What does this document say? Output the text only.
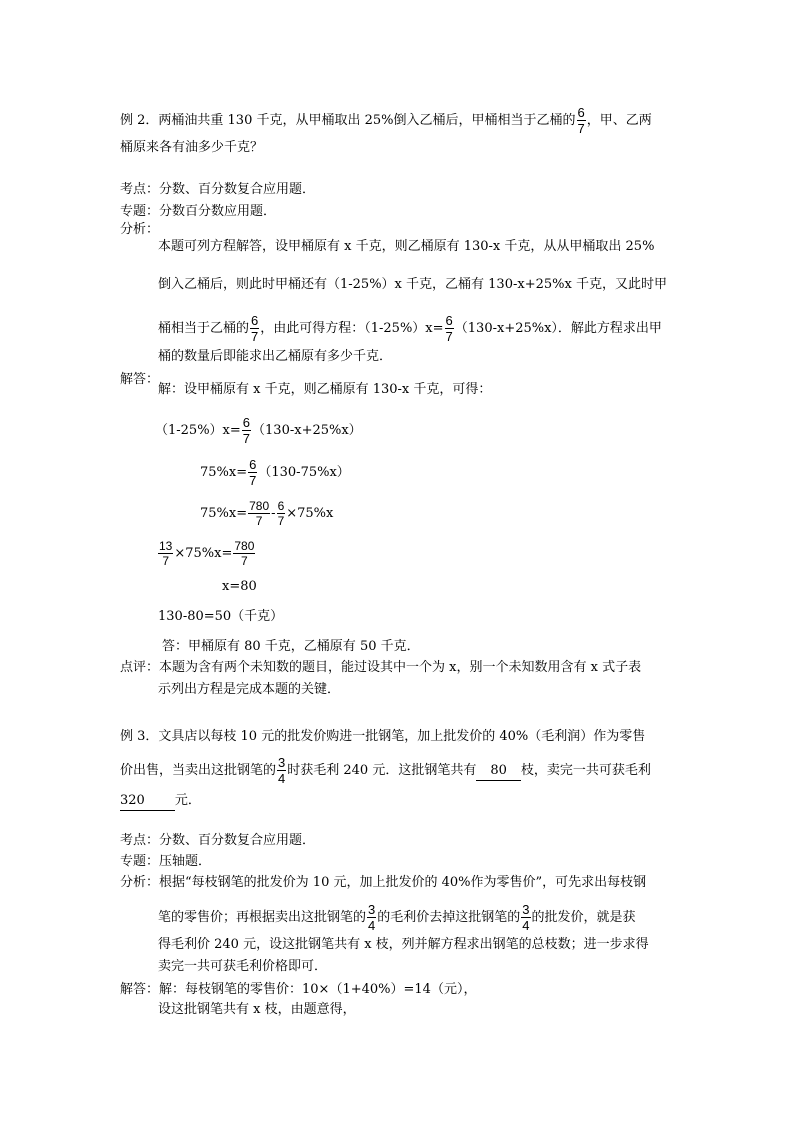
例 2．两桶油共重 130 千克，从甲桶取出 25%倒入乙桶后，甲桶相当于乙桶的 $\frac{6}{7}$ ，甲、乙两
桶原来各有油多少千克？
考点：分数、百分数复合应用题．
专题：分数百分数应用题．
分析：
本题可列方程解答，设甲桶原有 x 千克，则乙桶原有 130-x 千克，从从甲桶取出 25%
倒入乙桶后，则此时甲桶还有（1-25%）x 千克，乙桶有 130-x+25%x 千克，又此时甲
桶相当于乙桶的 $\frac{6}{7}$ ，由此可得方程：$(1-25\%)x= \frac{6}{7} (130-x+25\%x)$．解此方程求出甲
桶的数量后即能求出乙桶原有多少千克．
解答：
解：设甲桶原有 x 千克，则乙桶原有 130-x 千克，可得：
$(1-25\%)x= \frac{6}{7} (130-x+25\%x)$
$75\%x= \frac{6}{7} (130-75\%x)$
$75\%x= \frac{780}{7} - \frac{6}{7} \times 75\%x$
$\frac{13}{7} \times 75\%x= \frac{780}{7}$
x=80
130-80=50（千克）
答：甲桶原有 80 千克，乙桶原有 50 千克．
点评：本题为含有两个未知数的题目，能过设其中一个为 x，别一个未知数用含有 x 式子表
示列出方程是完成本题的关键．
例 3．文具店以每枝 10 元的批发价购进一批钢笔，加上批发价的 40%（毛利润）作为零售
价出售，当卖出这批钢笔的 $\frac{3}{4}$ 时获毛利 240 元．这批钢笔共有 80 枝，卖完一共可获毛利
320 元．
考点：分数、百分数复合应用题．
专题：压轴题．
分析：根据“每枝钢笔的批发价为 10 元，加上批发价的 40%作为零售价”，可先求出每枝钢
笔的零售价；再根据卖出这批钢笔的 $\frac{3}{4}$ 的毛利价去掉这批钢笔的 $\frac{3}{4}$ 的批发价，就是获
得毛利价 240 元，设这批钢笔共有 x 枝，列并解方程求出钢笔的总枝数；进一步求得
卖完一共可获毛利价格即可．
解答：解：每枝钢笔的零售价：10×（1+40%）=14（元），
设这批钢笔共有 x 枝，由题意得，
